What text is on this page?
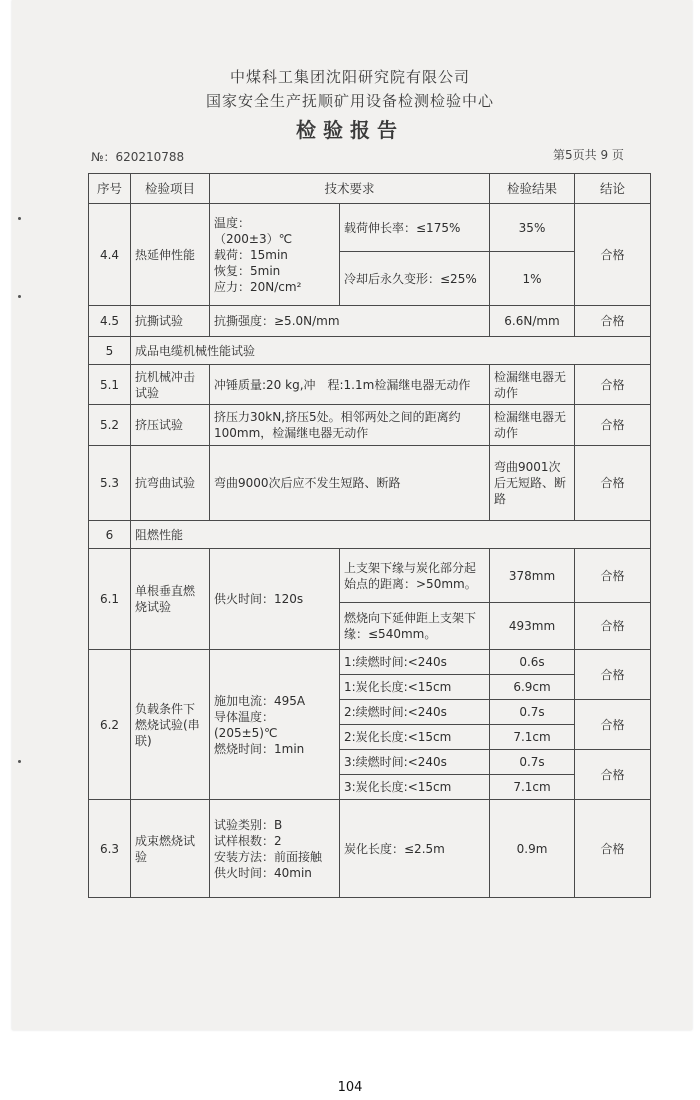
中煤科工集团沈阳研究院有限公司
国家安全生产抚顺矿用设备检测检验中心
检验报告
№：620210788	第5页共 9 页
序号	检验项目	技术要求		检验结果	结论
4.4	热延伸性能	温度：
（200±3）℃
载荷：15min
恢复：5min
应力：20N/cm²	载荷伸长率：≤175%	35%	合格
			冷却后永久变形：≤25%	1%	
4.5	抗撕试验	抗撕强度：≥5.0N/mm		6.6N/mm	合格
5	成品电缆机械性能试验				
5.1	抗机械冲击试验	冲锤质量:20 kg,冲　程:1.1m检漏继电器无动作		检漏继电器无动作	合格
5.2	挤压试验	挤压力30kN,挤压5处。相邻两处之间的距离约100mm，检漏继电器无动作		检漏继电器无动作	合格
5.3	抗弯曲试验	弯曲9000次后应不发生短路、断路		弯曲9001次后无短路、断路	合格
6	阻燃性能				
6.1	单根垂直燃烧试验	供火时间：120s	上支架下缘与炭化部分起始点的距离：>50mm。	378mm	合格
			燃烧向下延伸距上支架下缘：≤540mm。	493mm	合格
6.2	负载条件下燃烧试验(串联)	施加电流：495A
导体温度：
(205±5)℃
燃烧时间：1min	1:续燃时间:<240s	0.6s	合格
			1:炭化长度:<15cm	6.9cm	
			2:续燃时间:<240s	0.7s	合格
			2:炭化长度:<15cm	7.1cm	
			3:续燃时间:<240s	0.7s	合格
			3:炭化长度:<15cm	7.1cm	
6.3	成束燃烧试验	试验类别：B
试样根数：2
安装方法：前面接触
供火时间：40min	炭化长度：≤2.5m	0.9m	合格
104
